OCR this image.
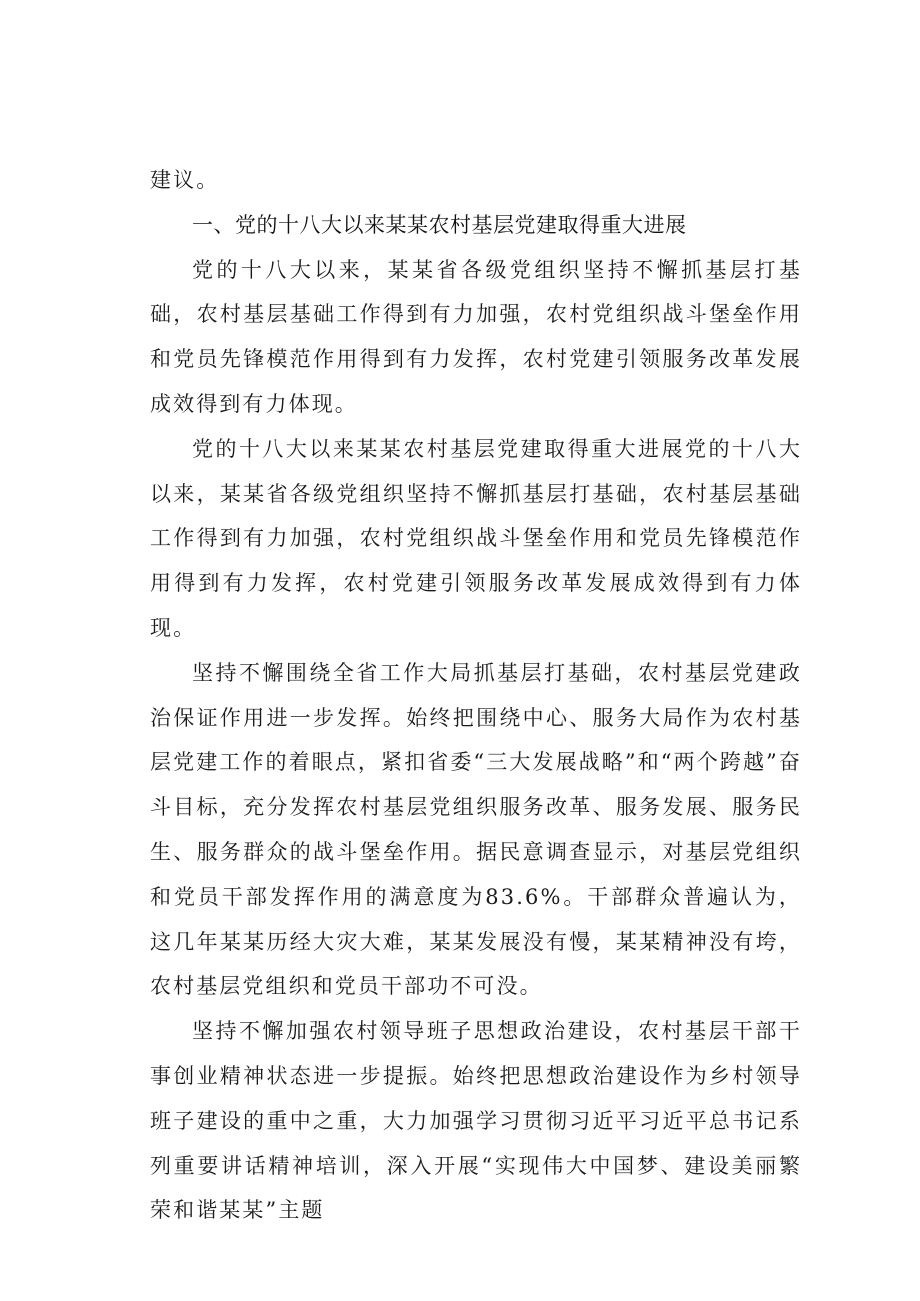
建议。

一、党的十八大以来某某农村基层党建取得重大进展

党的十八大以来，某某省各级党组织坚持不懈抓基层打基础，农村基层基础工作得到有力加强，农村党组织战斗堡垒作用和党员先锋模范作用得到有力发挥，农村党建引领服务改革发展成效得到有力体现。

党的十八大以来某某农村基层党建取得重大进展党的十八大以来，某某省各级党组织坚持不懈抓基层打基础，农村基层基础工作得到有力加强，农村党组织战斗堡垒作用和党员先锋模范作用得到有力发挥，农村党建引领服务改革发展成效得到有力体现。

坚持不懈围绕全省工作大局抓基层打基础，农村基层党建政治保证作用进一步发挥。始终把围绕中心、服务大局作为农村基层党建工作的着眼点，紧扣省委“三大发展战略”和“两个跨越”奋斗目标，充分发挥农村基层党组织服务改革、服务发展、服务民生、服务群众的战斗堡垒作用。据民意调查显示，对基层党组织和党员干部发挥作用的满意度为83.6%。干部群众普遍认为，这几年某某历经大灾大难，某某发展没有慢，某某精神没有垮，农村基层党组织和党员干部功不可没。

坚持不懈加强农村领导班子思想政治建设，农村基层干部干事创业精神状态进一步提振。始终把思想政治建设作为乡村领导班子建设的重中之重，大力加强学习贯彻习近平习近平总书记系列重要讲话精神培训，深入开展“实现伟大中国梦、建设美丽繁荣和谐某某”主题
